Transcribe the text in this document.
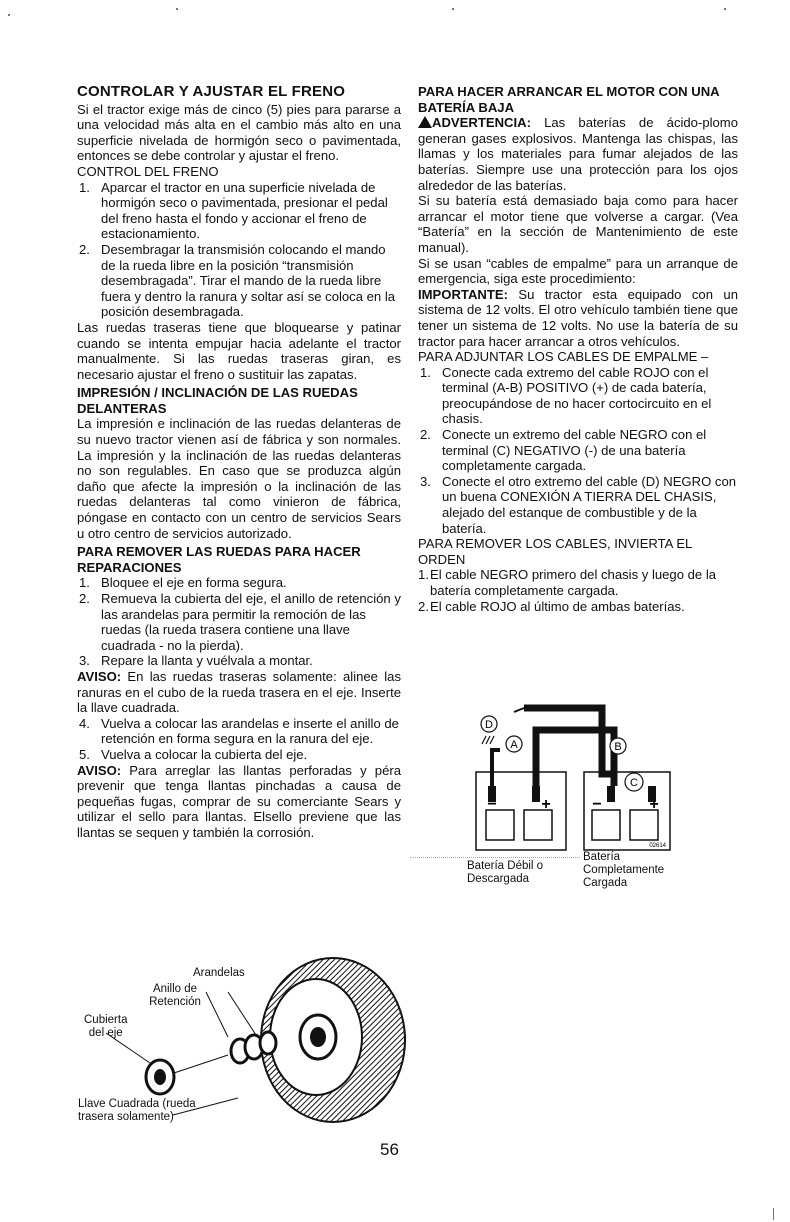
CONTROLAR Y AJUSTAR EL FRENO

Si el tractor exige más de cinco (5) pies para pararse a una velocidad más alta en el cambio más alto en una superficie nivelada de hormigón seco o pavimentada, entonces se debe controlar y ajustar el freno.

CONTROL DEL FRENO

1. Aparcar el tractor en una superficie nivelada de hormigón seco o pavimentada, presionar el pedal del freno hasta el fondo y accionar el freno de estacionamiento.
2. Desembragar la transmisión colocando el mando de la rueda libre en la posición “transmisión desembragada”. Tirar el mando de la rueda libre fuera y dentro la ranura y soltar así se coloca en la posición desembragada.

Las ruedas traseras tiene que bloquearse y patinar cuando se intenta empujar hacia adelante el tractor manualmente. Si las ruedas traseras giran, es necesario ajustar el freno o sustituir las zapatas.

IMPRESIÓN / INCLINACIÓN DE LAS RUEDAS DELANTERAS

La impresión e inclinación de las ruedas delanteras de su nuevo tractor vienen así de fábrica y son normales. La impresión y la inclinación de las ruedas delanteras no son regulables. En caso que se produzca algún daño que afecte la impresión o la inclinación de las ruedas delanteras tal como vinieron de fábrica, póngase en contacto con un centro de servicios Sears u otro centro de servicios autorizado.

PARA REMOVER LAS RUEDAS PARA HACER REPARACIONES
1. Bloquee el eje en forma segura.
2. Remueva la cubierta del eje, el anillo de retención y las arandelas para permitir la remoción de las ruedas (la rueda trasera contiene una llave cuadrada - no la pierda).
3. Repare la llanta y vuélvala a montar.

AVISO: En las ruedas traseras solamente: alinee las ranuras en el cubo de la rueda trasera en el eje. Inserte la llave cuadrada.

4. Vuelva a colocar las arandelas e inserte el anillo de retención en forma segura en la ranura del eje.
5. Vuelva a colocar la cubierta del eje.

AVISO: Para arreglar las llantas perforadas y péra prevenir que tenga llantas pinchadas a causa de pequeñas fugas, comprar de su comerciante Sears y utilizar el sello para llantas. Elsello previene que las llantas se sequen y también la corrosión.

Arandelas
Anillo de
Retención
Cubierta
del eje
Llave Cuadrada (rueda
trasera solamente)
PARA HACER ARRANCAR EL MOTOR CON UNA BATERÍA BAJA

ADVERTENCIA: Las baterías de ácido-plomo generan gases explosivos. Mantenga las chispas, las llamas y los materiales para fumar alejados de las baterías. Siempre use una protección para los ojos alrededor de las baterías.

Si su batería está demasiado baja como para hacer arrancar el motor tiene que volverse a cargar. (Vea “Batería” en la sección de Mantenimiento de este manual).

Si se usan “cables de empalme” para un arranque de emergencia, siga este procedimiento:

IMPORTANTE: Su tractor esta equipado con un sistema de 12 volts. El otro vehículo también tiene que tener un sistema de 12 volts. No use la batería de su tractor para hacer arrancar a otros vehículos.

PARA ADJUNTAR LOS CABLES DE EMPALME –

1. Conecte cada extremo del cable ROJO con el terminal (A-B) POSITIVO (+) de cada batería, preocupándose de no hacer cortocircuito en el chasis.
2. Conecte un extremo del cable NEGRO con el terminal (C) NEGATIVO (-) de una batería completamente cargada.
3. Conecte el otro extremo del cable (D) NEGRO con un buena CONEXIÓN A TIERRA DEL CHASIS, alejado del estanque de combustible y de la batería.

PARA REMOVER LOS CABLES, INVIERTA EL ORDEN

1. El cable NEGRO primero del chasis y luego de la batería completamente cargada.
2. El cable ROJO al último de ambas baterías.
D
A	B
C
−	+	−	+
02614
Batería Débil o
Descargada
Batería
Completamente
Cargada
56
